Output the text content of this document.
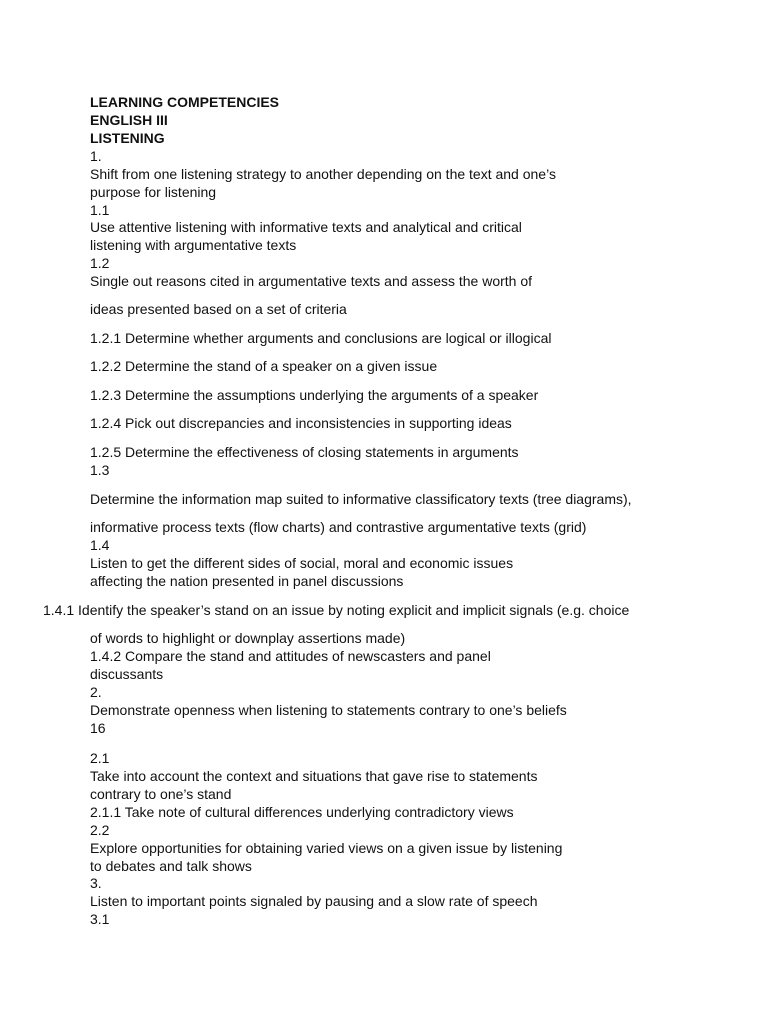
LEARNING COMPETENCIES

ENGLISH III

LISTENING

1.

Shift from one listening strategy to another depending on the text and one’s

purpose for listening

1.1

Use attentive listening with informative texts and analytical and critical

listening with argumentative texts

1.2

Single out reasons cited in argumentative texts and assess the worth of

ideas presented based on a set of criteria

1.2.1 Determine whether arguments and conclusions are logical or illogical

1.2.2 Determine the stand of a speaker on a given issue

1.2.3 Determine the assumptions underlying the arguments of a speaker

1.2.4 Pick out discrepancies and inconsistencies in supporting ideas

1.2.5 Determine the effectiveness of closing statements in arguments

1.3

Determine the information map suited to informative classificatory texts (tree diagrams),

informative process texts (flow charts) and contrastive argumentative texts (grid)

1.4

Listen to get the different sides of social, moral and economic issues

affecting the nation presented in panel discussions

1.4.1 Identify the speaker’s stand on an issue by noting explicit and implicit signals (e.g. choice

of words to highlight or downplay assertions made)

1.4.2 Compare the stand and attitudes of newscasters and panel

discussants

2.

Demonstrate openness when listening to statements contrary to one’s beliefs

16

2.1

Take into account the context and situations that gave rise to statements

contrary to one’s stand

2.1.1 Take note of cultural differences underlying contradictory views

2.2

Explore opportunities for obtaining varied views on a given issue by listening

to debates and talk shows

3.

Listen to important points signaled by pausing and a slow rate of speech

3.1
